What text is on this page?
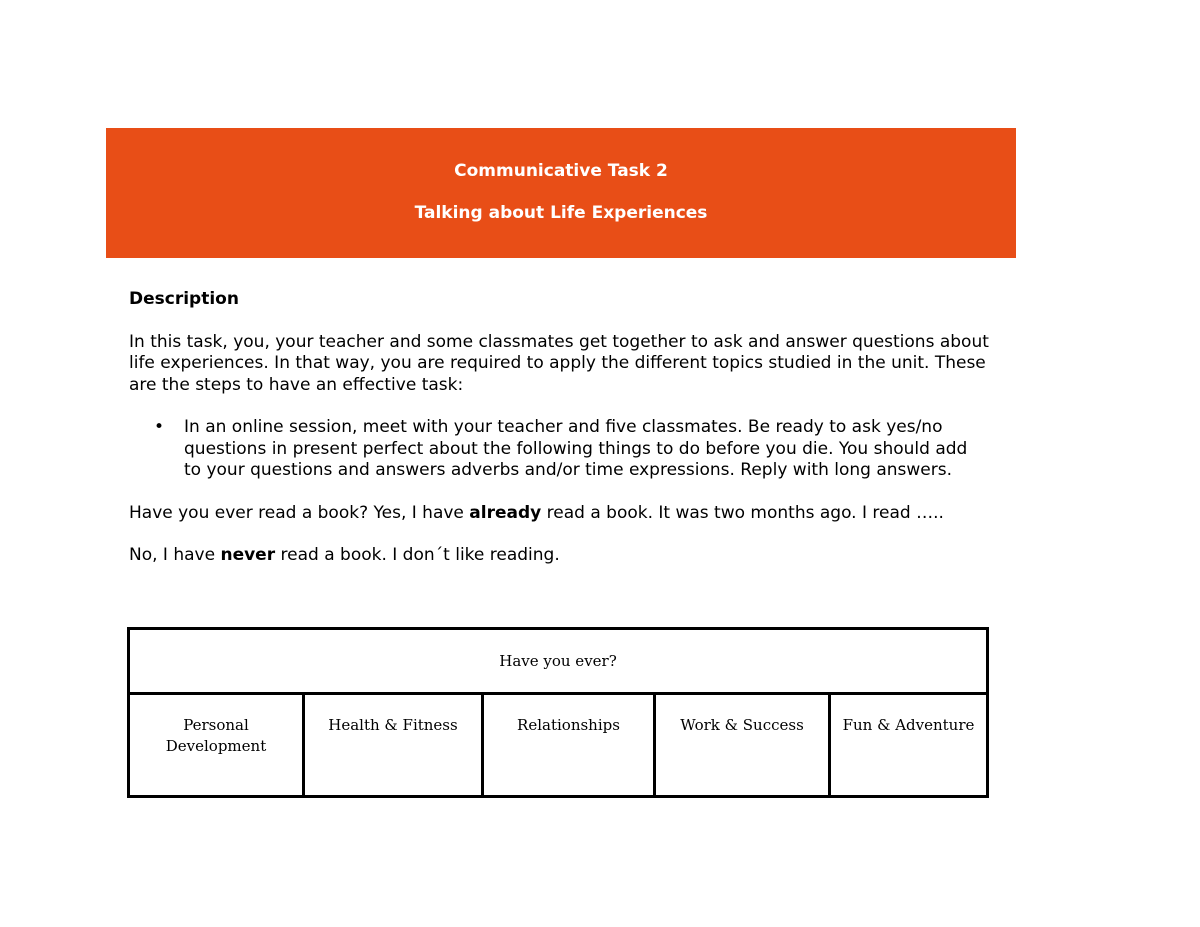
Communicative Task 2
Talking about Life Experiences

Description

In this task, you, your teacher and some classmates get together to ask and answer questions about life experiences. In that way, you are required to apply the different topics studied in the unit. These are the steps to have an effective task:

• In an online session, meet with your teacher and five classmates. Be ready to ask yes/no questions in present perfect about the following things to do before you die. You should add to your questions and answers adverbs and/or time expressions. Reply with long answers.

Have you ever read a book? Yes, I have already read a book. It was two months ago. I read …..

No, I have never read a book. I don´t like reading.

Have you ever?
Personal Development	Health & Fitness	Relationships	Work & Success	Fun & Adventure
